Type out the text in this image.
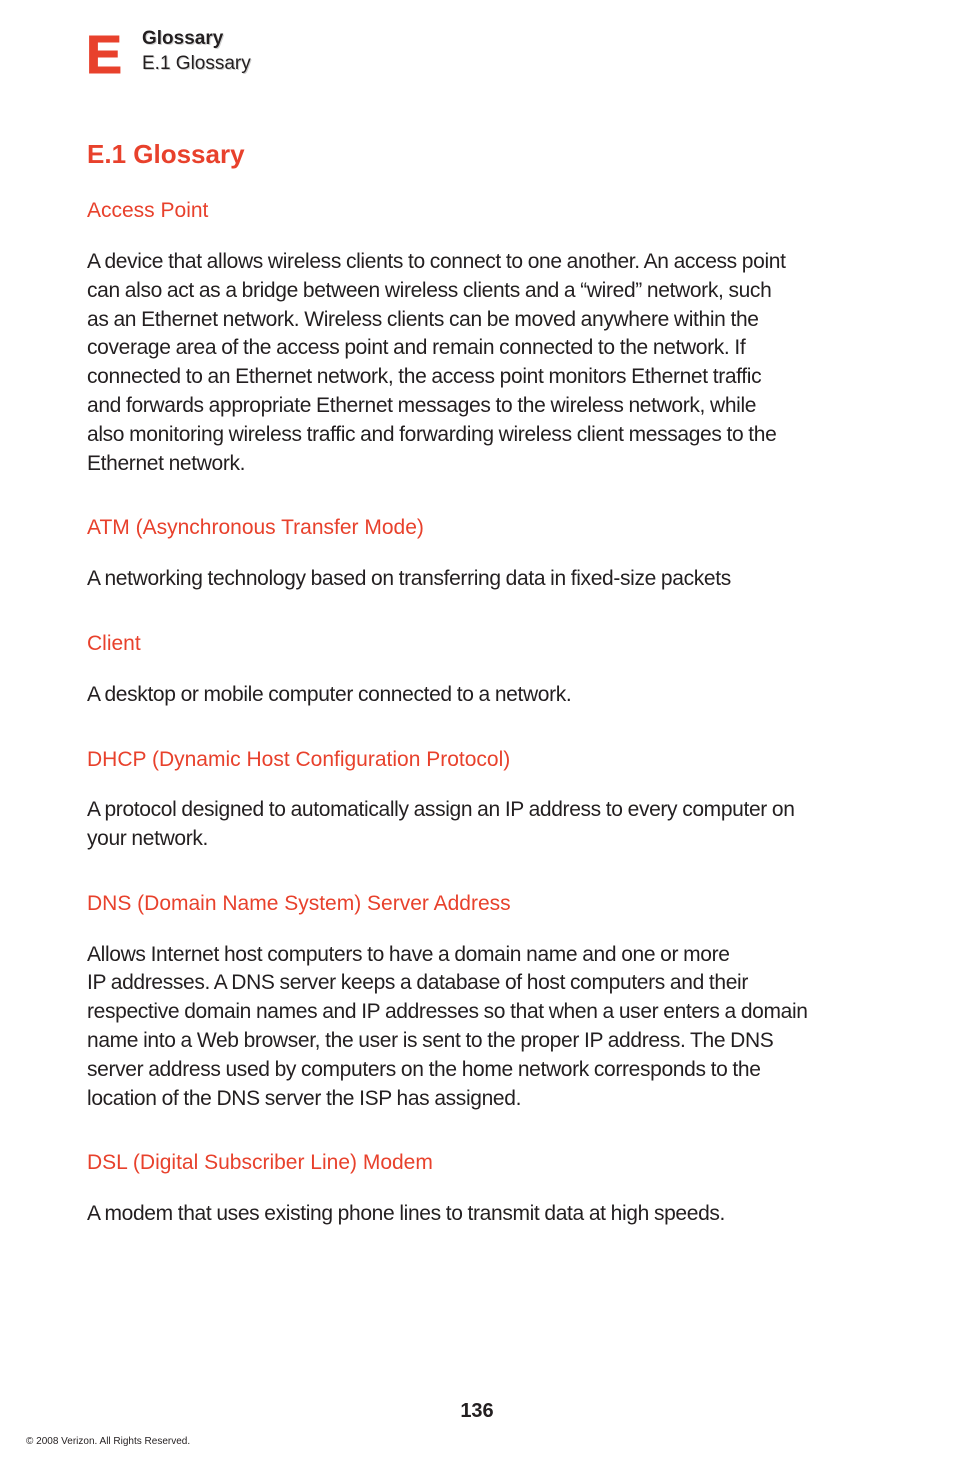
E Glossary
E.1 Glossary
E.1 Glossary

Access Point

A device that allows wireless clients to connect to one another. An access point
can also act as a bridge between wireless clients and a “wired” network, such
as an Ethernet network. Wireless clients can be moved anywhere within the
coverage area of the access point and remain connected to the network. If
connected to an Ethernet network, the access point monitors Ethernet traffic
and forwards appropriate Ethernet messages to the wireless network, while
also monitoring wireless traffic and forwarding wireless client messages to the
Ethernet network.

ATM (Asynchronous Transfer Mode)

A networking technology based on transferring data in fixed-size packets

Client

A desktop or mobile computer connected to a network.

DHCP (Dynamic Host Configuration Protocol)

A protocol designed to automatically assign an IP address to every computer on
your network.

DNS (Domain Name System) Server Address

Allows Internet host computers to have a domain name and one or more
IP addresses. A DNS server keeps a database of host computers and their
respective domain names and IP addresses so that when a user enters a domain
name into a Web browser, the user is sent to the proper IP address. The DNS
server address used by computers on the home network corresponds to the
location of the DNS server the ISP has assigned.

DSL (Digital Subscriber Line) Modem

A modem that uses existing phone lines to transmit data at high speeds.
136
© 2008 Verizon. All Rights Reserved.
